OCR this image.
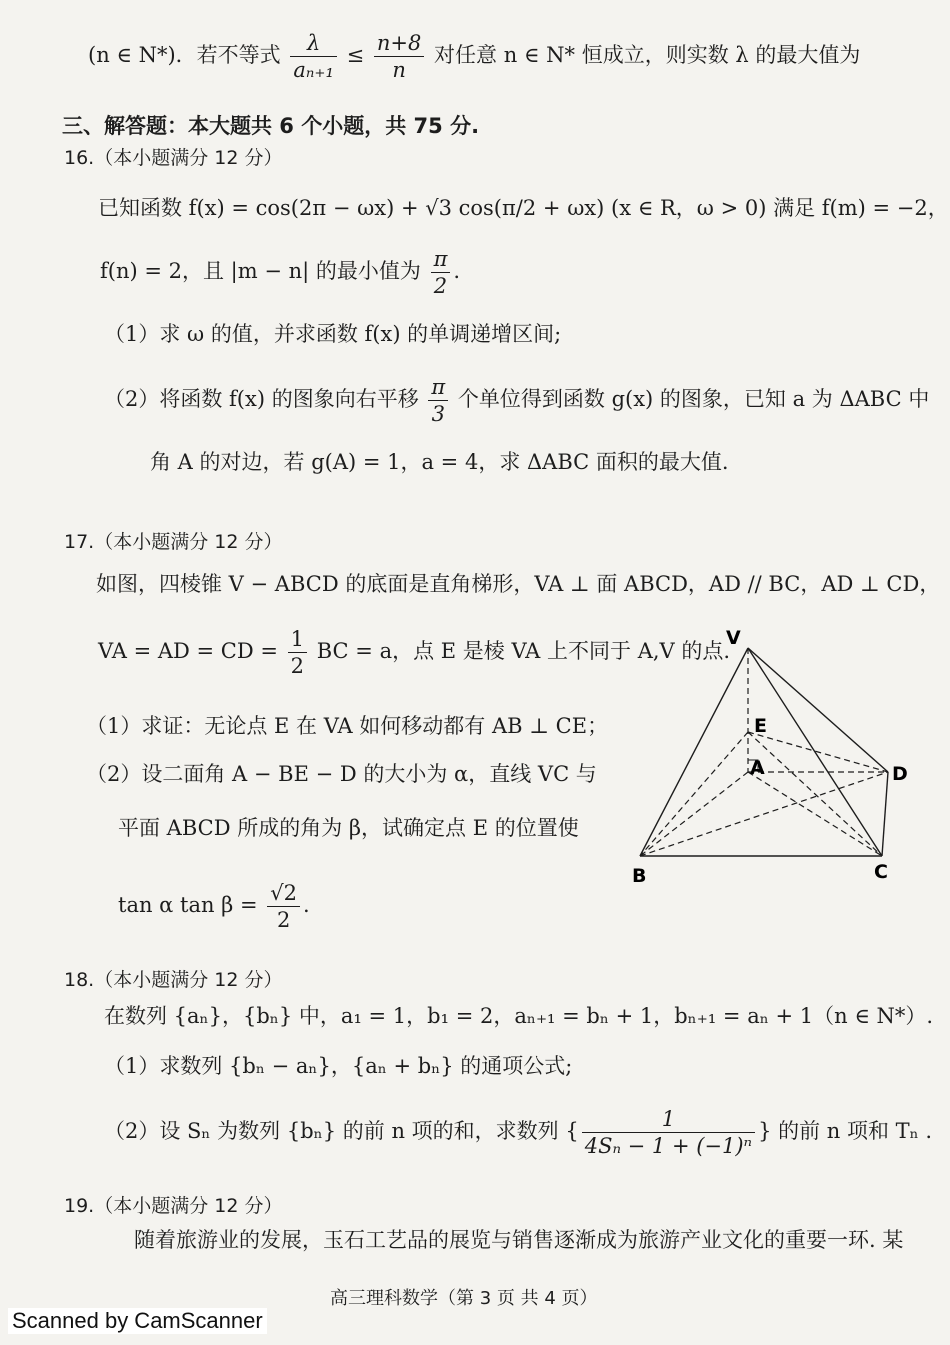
(n ∈ N*)．若不等式 $\frac{\lambda}{\text{aₙ₊₁}} \le \frac{n+8}{n}$ 对任意 n ∈ N* 恒成立，则实数 λ 的最大值为
三、解答题：本大题共 6 个小题，共 75 分.
16.（本小题满分 12 分）
已知函数 f(x) = cos(2π − ωx) + √3 cos(π/2 + ωx) (x ∈ R，ω > 0) 满足 f(m) = −2，
f(n) = 2，且 |m − n| 的最小值为 $\frac{\pi}{2}$ .
（1）求 ω 的值，并求函数 f(x) 的单调递增区间;
（2）将函数 f(x) 的图象向右平移 $\frac{\pi}{3}$ 个单位得到函数 g(x) 的图象，已知 a 为 ΔABC 中
角 A 的对边，若 g(A) = 1，a = 4，求 ΔABC 面积的最大值.
17.（本小题满分 12 分）
如图，四棱锥 V − ABCD 的底面是直角梯形，VA ⊥ 面 ABCD，AD // BC，AD ⊥ CD，
VA = AD = CD = $\frac{1}{2}$ BC = a，点 E 是棱 VA 上不同于 A,V 的点.
（1）求证：无论点 E 在 VA 如何移动都有 AB ⊥ CE；
（2）设二面角 A − BE − D 的大小为 α，直线 VC 与
平面 ABCD 所成的角为 β，试确定点 E 的位置使
tan α $\tan \beta = \frac{√2}{2}$ .
V
E
A	D
B	C
18.（本小题满分 12 分）
在数列 {aₙ}，{bₙ} 中，a₁ = 1，b₁ = 2，aₙ₊₁ = bₙ + 1，bₙ₊₁ = aₙ + 1（n ∈ N*）.
（1）求数列 {bₙ − aₙ}，{aₙ + bₙ} 的通项公式;
（2）设 Sₙ 为数列 {bₙ} 的前 n 项的和，求数列 { $\frac{1}{\text{4Sₙ − 1 + (−1)ⁿ}}$ } 的前 n 项和 Tₙ .
19.（本小题满分 12 分）
随着旅游业的发展，玉石工艺品的展览与销售逐渐成为旅游产业文化的重要一环. 某
高三理科数学（第 3 页 共 4 页）
Scanned by CamScanner
